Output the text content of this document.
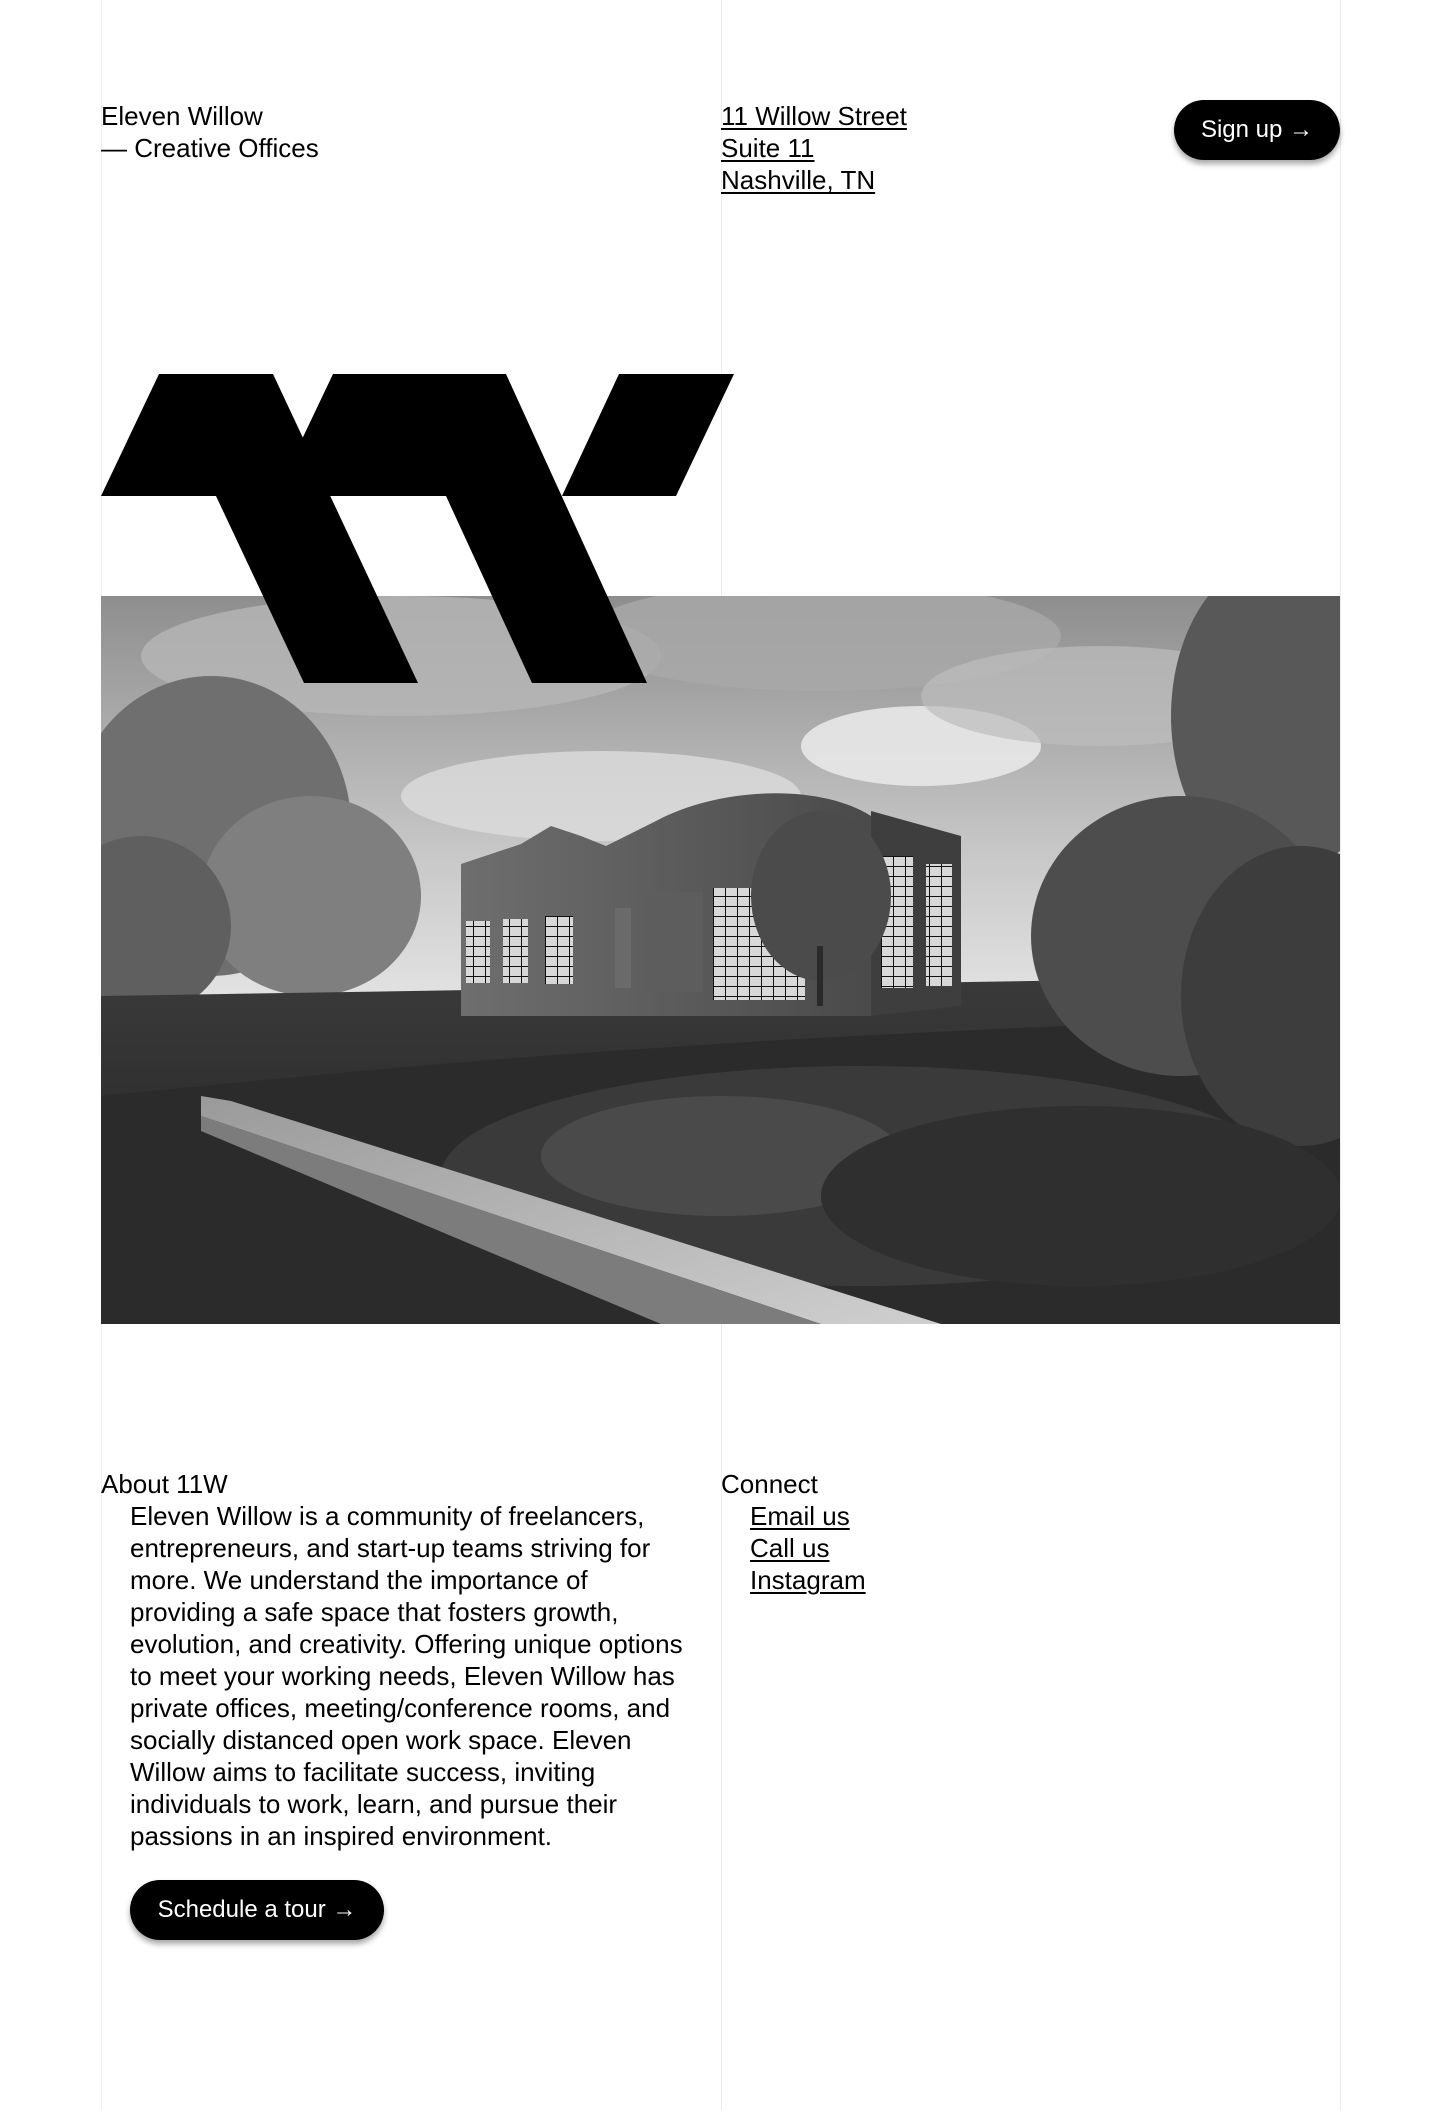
Eleven Willow
— Creative Offices
11 Willow Street
Suite 11
Nashville, TN
Sign up →
About 11W
Eleven Willow is a community of freelancers,
entrepreneurs, and start-up teams striving for
more. We understand the importance of
providing a safe space that fosters growth,
evolution, and creativity. Offering unique options
to meet your working needs, Eleven Willow has
private offices, meeting/conference rooms, and
socially distanced open work space. Eleven
Willow aims to facilitate success, inviting
individuals to work, learn, and pursue their
passions in an inspired environment.
Schedule a tour →
Connect
Email us
Call us
Instagram
